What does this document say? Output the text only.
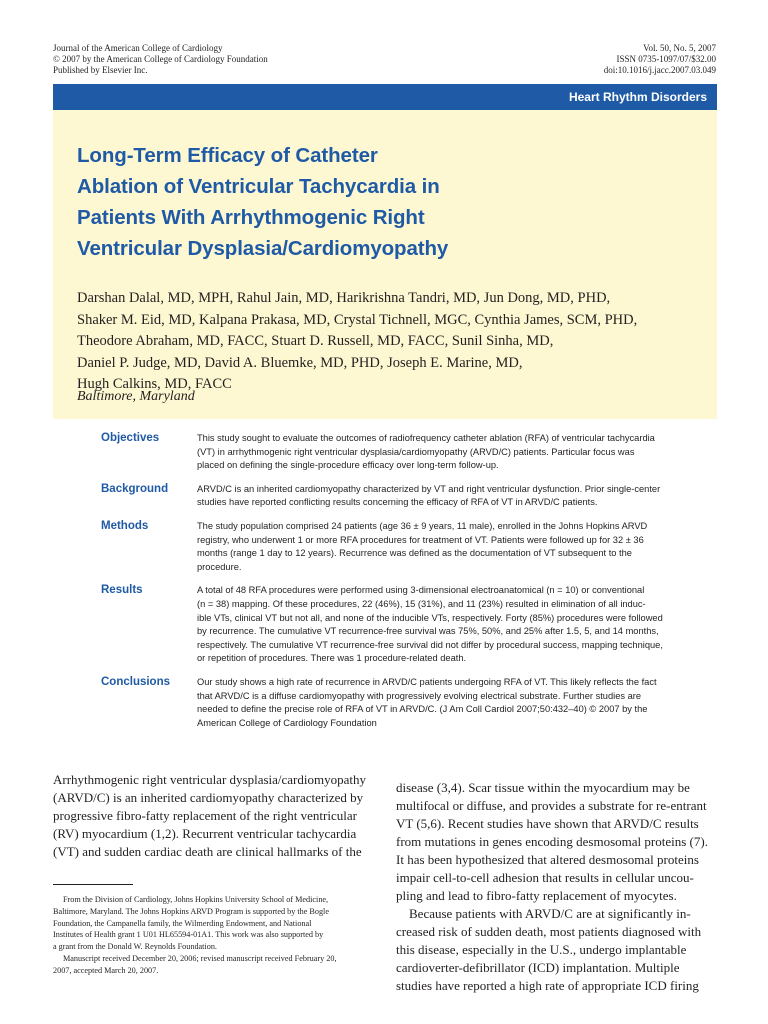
Journal of the American College of Cardiology
© 2007 by the American College of Cardiology Foundation
Published by Elsevier Inc.
Vol. 50, No. 5, 2007
ISSN 0735-1097/07/$32.00
doi:10.1016/j.jacc.2007.03.049
Heart Rhythm Disorders
Long-Term Efficacy of Catheter
Ablation of Ventricular Tachycardia in
Patients With Arrhythmogenic Right
Ventricular Dysplasia/Cardiomyopathy
Darshan Dalal, MD, MPH, Rahul Jain, MD, Harikrishna Tandri, MD, Jun Dong, MD, PHD,
Shaker M. Eid, MD, Kalpana Prakasa, MD, Crystal Tichnell, MGC, Cynthia James, SCM, PHD,
Theodore Abraham, MD, FACC, Stuart D. Russell, MD, FACC, Sunil Sinha, MD,
Daniel P. Judge, MD, David A. Bluemke, MD, PHD, Joseph E. Marine, MD,
Hugh Calkins, MD, FACC
Baltimore, Maryland
Objectives	This study sought to evaluate the outcomes of radiofrequency catheter ablation (RFA) of ventricular tachycardia
(VT) in arrhythmogenic right ventricular dysplasia/cardiomyopathy (ARVD/C) patients. Particular focus was
placed on defining the single-procedure efficacy over long-term follow-up.
Background	ARVD/C is an inherited cardiomyopathy characterized by VT and right ventricular dysfunction. Prior single-center
studies have reported conflicting results concerning the efficacy of RFA of VT in ARVD/C patients.
Methods	The study population comprised 24 patients (age 36 ± 9 years, 11 male), enrolled in the Johns Hopkins ARVD
registry, who underwent 1 or more RFA procedures for treatment of VT. Patients were followed up for 32 ± 36
months (range 1 day to 12 years). Recurrence was defined as the documentation of VT subsequent to the
procedure.
Results	A total of 48 RFA procedures were performed using 3-dimensional electroanatomical (n = 10) or conventional
(n = 38) mapping. Of these procedures, 22 (46%), 15 (31%), and 11 (23%) resulted in elimination of all induc-
ible VTs, clinical VT but not all, and none of the inducible VTs, respectively. Forty (85%) procedures were followed
by recurrence. The cumulative VT recurrence-free survival was 75%, 50%, and 25% after 1.5, 5, and 14 months,
respectively. The cumulative VT recurrence-free survival did not differ by procedural success, mapping technique,
or repetition of procedures. There was 1 procedure-related death.
Conclusions	Our study shows a high rate of recurrence in ARVD/C patients undergoing RFA of VT. This likely reflects the fact
that ARVD/C is a diffuse cardiomyopathy with progressively evolving electrical substrate. Further studies are
needed to define the precise role of RFA of VT in ARVD/C. (J Am Coll Cardiol 2007;50:432–40) © 2007 by the
American College of Cardiology Foundation
Arrhythmogenic right ventricular dysplasia/cardiomyopathy
(ARVD/C) is an inherited cardiomyopathy characterized by
progressive fibro-fatty replacement of the right ventricular
(RV) myocardium (1,2). Recurrent ventricular tachycardia
(VT) and sudden cardiac death are clinical hallmarks of the
From the Division of Cardiology, Johns Hopkins University School of Medicine,
Baltimore, Maryland. The Johns Hopkins ARVD Program is supported by the Bogle
Foundation, the Campanella family, the Wilmerding Endowment, and National
Institutes of Health grant 1 U01 HL65594-01A1. This work was also supported by
a grant from the Donald W. Reynolds Foundation.
Manuscript received December 20, 2006; revised manuscript received February 20,
2007, accepted March 20, 2007.
disease (3,4). Scar tissue within the myocardium may be
multifocal or diffuse, and provides a substrate for re-entrant
VT (5,6). Recent studies have shown that ARVD/C results
from mutations in genes encoding desmosomal proteins (7).
It has been hypothesized that altered desmosomal proteins
impair cell-to-cell adhesion that results in cellular uncou-
pling and lead to fibro-fatty replacement of myocytes.
Because patients with ARVD/C are at significantly in-
creased risk of sudden death, most patients diagnosed with
this disease, especially in the U.S., undergo implantable
cardioverter-defibrillator (ICD) implantation. Multiple
studies have reported a high rate of appropriate ICD firing
